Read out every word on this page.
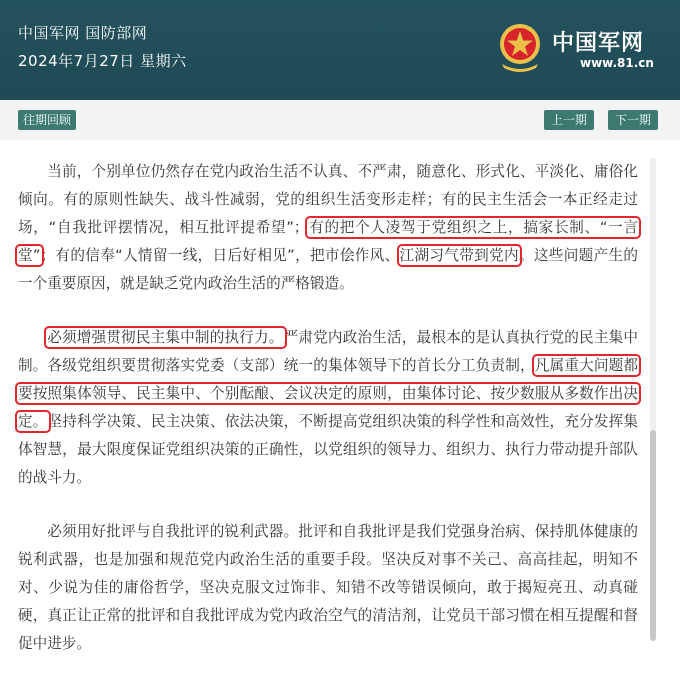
中国军网 国防部网
2024年7月27日 星期六
中国军网
www.81.cn
往期回顾	上一期	下一期

当前，个别单位仍然存在党内政治生活不认真、不严肃，随意化、形式化、平淡化、庸俗化倾向。有的原则性缺失、战斗性减弱，党的组织生活变形走样；有的民主生活会一本正经走过场，“自我批评摆情况，相互批评提希望”；有的把个人凌驾于党组织之上，搞家长制、“一言堂”；有的信奉“人情留一线，日后好相见”，把市侩作风、江湖习气带到党内。这些问题产生的一个重要原因，就是缺乏党内政治生活的严格锻造。

必须增强贯彻民主集中制的执行力。严肃党内政治生活，最根本的是认真执行党的民主集中制。各级党组织要贯彻落实党委（支部）统一的集体领导下的首长分工负责制，凡属重大问题都要按照集体领导、民主集中、个别酝酿、会议决定的原则，由集体讨论、按少数服从多数作出决定。坚持科学决策、民主决策、依法决策，不断提高党组织决策的科学性和高效性，充分发挥集体智慧，最大限度保证党组织决策的正确性，以党组织的领导力、组织力、执行力带动提升部队的战斗力。

必须用好批评与自我批评的锐利武器。批评和自我批评是我们党强身治病、保持肌体健康的锐利武器，也是加强和规范党内政治生活的重要手段。坚决反对事不关己、高高挂起，明知不对、少说为佳的庸俗哲学，坚决克服文过饰非、知错不改等错误倾向，敢于揭短亮丑、动真碰硬，真正让正常的批评和自我批评成为党内政治空气的清洁剂，让党员干部习惯在相互提醒和督促中进步。
